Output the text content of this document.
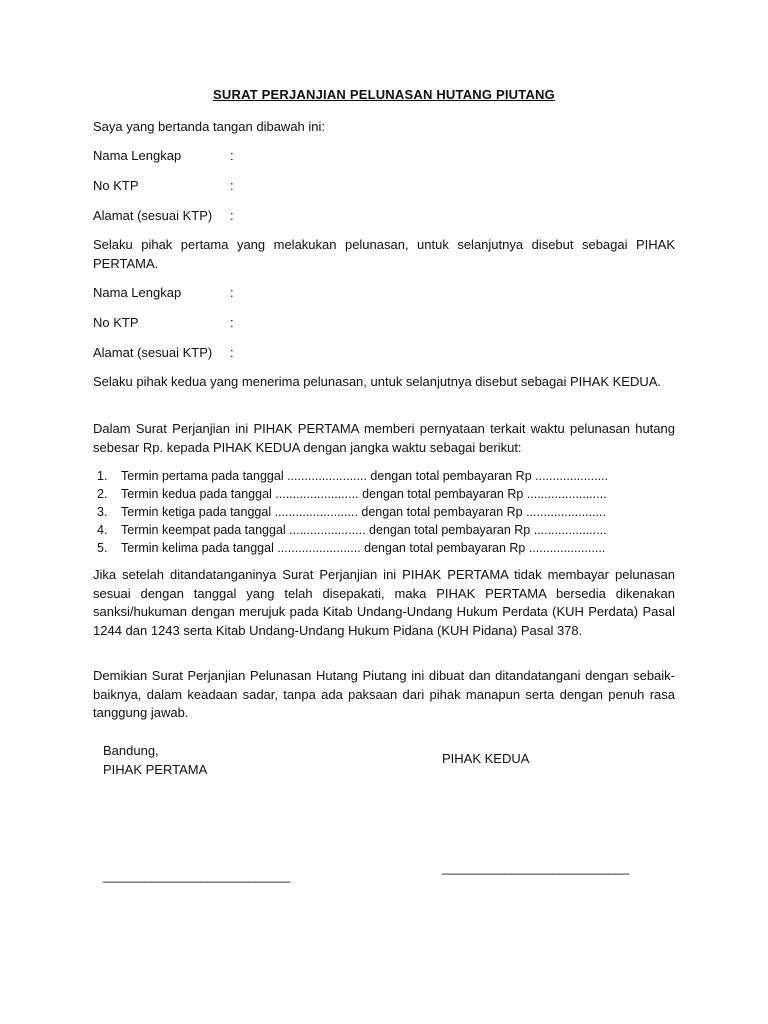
SURAT PERJANJIAN PELUNASAN HUTANG PIUTANG
Saya yang bertanda tangan dibawah ini:
Nama Lengkap	:
No KTP	:
Alamat (sesuai KTP) :
Selaku pihak pertama yang melakukan pelunasan, untuk selanjutnya disebut sebagai PIHAK PERTAMA.
Nama Lengkap	:
No KTP	:
Alamat (sesuai KTP) :
Selaku pihak kedua yang menerima pelunasan, untuk selanjutnya disebut sebagai PIHAK KEDUA.
Dalam Surat Perjanjian ini PIHAK PERTAMA memberi pernyataan terkait waktu pelunasan hutang sebesar Rp. kepada PIHAK KEDUA dengan jangka waktu sebagai berikut:
1. Termin pertama pada tanggal ....................... dengan total pembayaran Rp .....................
2. Termin kedua pada tanggal ........................ dengan total pembayaran Rp .......................
3. Termin ketiga pada tanggal ........................ dengan total pembayaran Rp .......................
4. Termin keempat pada tanggal ...................... dengan total pembayaran Rp .....................
5. Termin kelima pada tanggal ........................ dengan total pembayaran Rp ......................
Jika setelah ditandatanganinya Surat Perjanjian ini PIHAK PERTAMA tidak membayar pelunasan sesuai dengan tanggal yang telah disepakati, maka PIHAK PERTAMA bersedia dikenakan sanksi/hukuman dengan merujuk pada Kitab Undang-Undang Hukum Perdata (KUH Perdata) Pasal 1244 dan 1243 serta Kitab Undang-Undang Hukum Pidana (KUH Pidana) Pasal 378.
Demikian Surat Perjanjian Pelunasan Hutang Piutang ini dibuat dan ditandatangani dengan sebaik-baiknya, dalam keadaan sadar, tanpa ada paksaan dari pihak manapun serta dengan penuh rasa tanggung jawab.
Bandung,
PIHAK PERTAMA
PIHAK KEDUA
___________________________
___________________________
